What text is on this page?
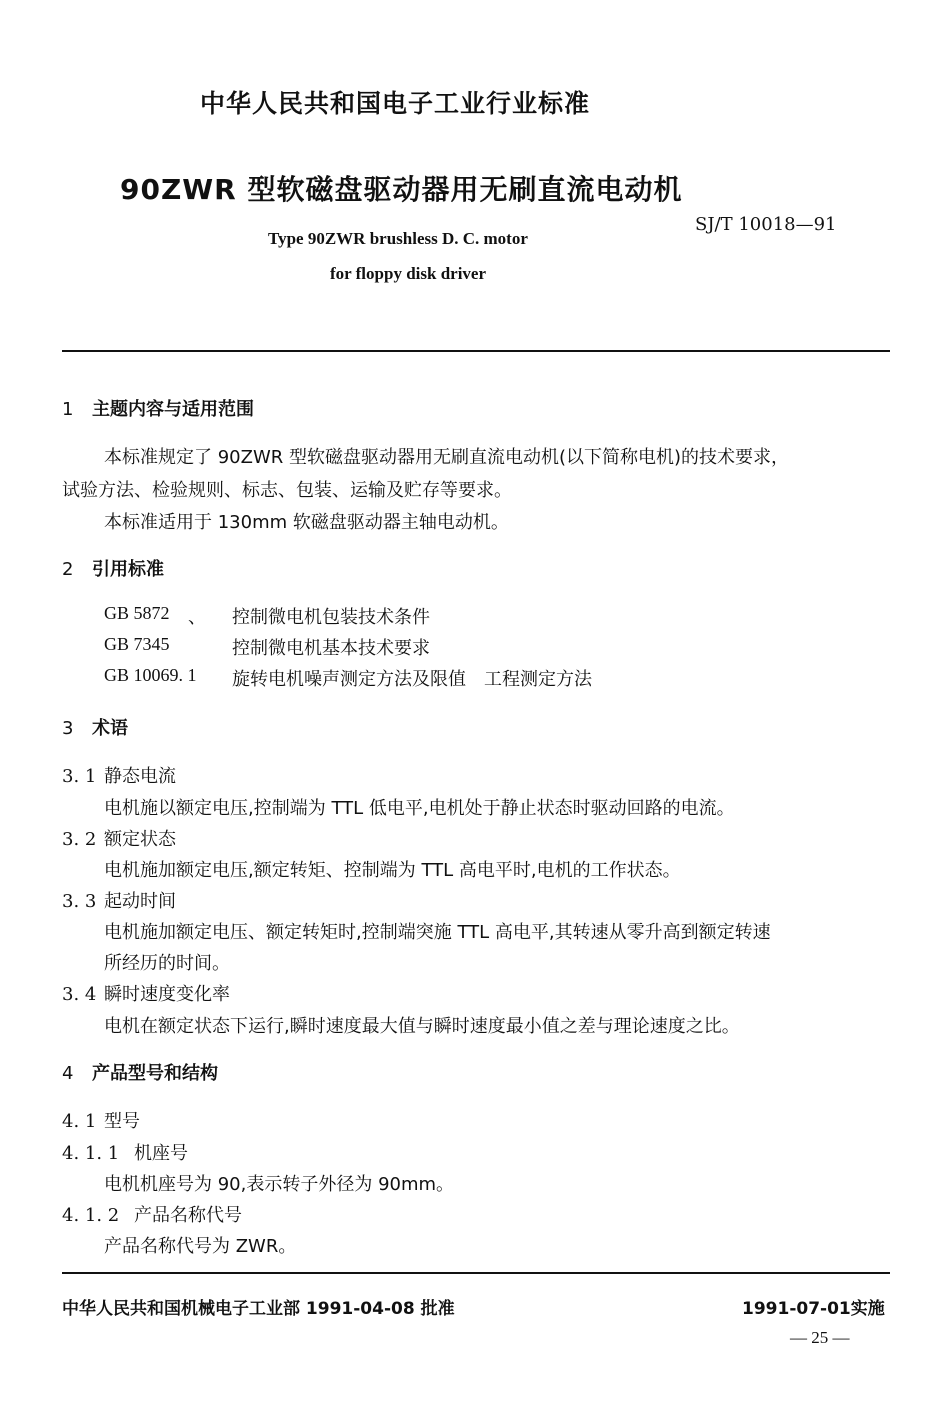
中华人民共和国电子工业行业标准
90ZWR 型软磁盘驱动器用无刷直流电动机
SJ/T 10018—91
Type 90ZWR brushless D. C. motor
for floppy disk driver
1 主题内容与适用范围
本标准规定了 90ZWR 型软磁盘驱动器用无刷直流电动机(以下简称电机)的技术要求，
试验方法、检验规则、标志、包装、运输及贮存等要求。
本标准适用于 130mm 软磁盘驱动器主轴电动机。
2 引用标准
GB 5872 、 控制微电机包装技术条件
GB 7345	控制微电机基本技术要求
GB 10069. 1 旋转电机噪声测定方法及限值　工程测定方法
3 术语
3. 1 静态电流
电机施以额定电压,控制端为 TTL 低电平,电机处于静止状态时驱动回路的电流。
3. 2 额定状态
电机施加额定电压,额定转矩、控制端为 TTL 高电平时,电机的工作状态。
3. 3 起动时间
电机施加额定电压、额定转矩时,控制端突施 TTL 高电平,其转速从零升高到额定转速
所经历的时间。
3. 4 瞬时速度变化率
电机在额定状态下运行,瞬时速度最大值与瞬时速度最小值之差与理论速度之比。
4 产品型号和结构
4. 1 型号
4. 1. 1 机座号
电机机座号为 90,表示转子外径为 90mm。
4. 1. 2 产品名称代号
产品名称代号为 ZWR。
中华人民共和国机械电子工业部 1991-04-08 批准	1991-07-01实施
— 25 —
